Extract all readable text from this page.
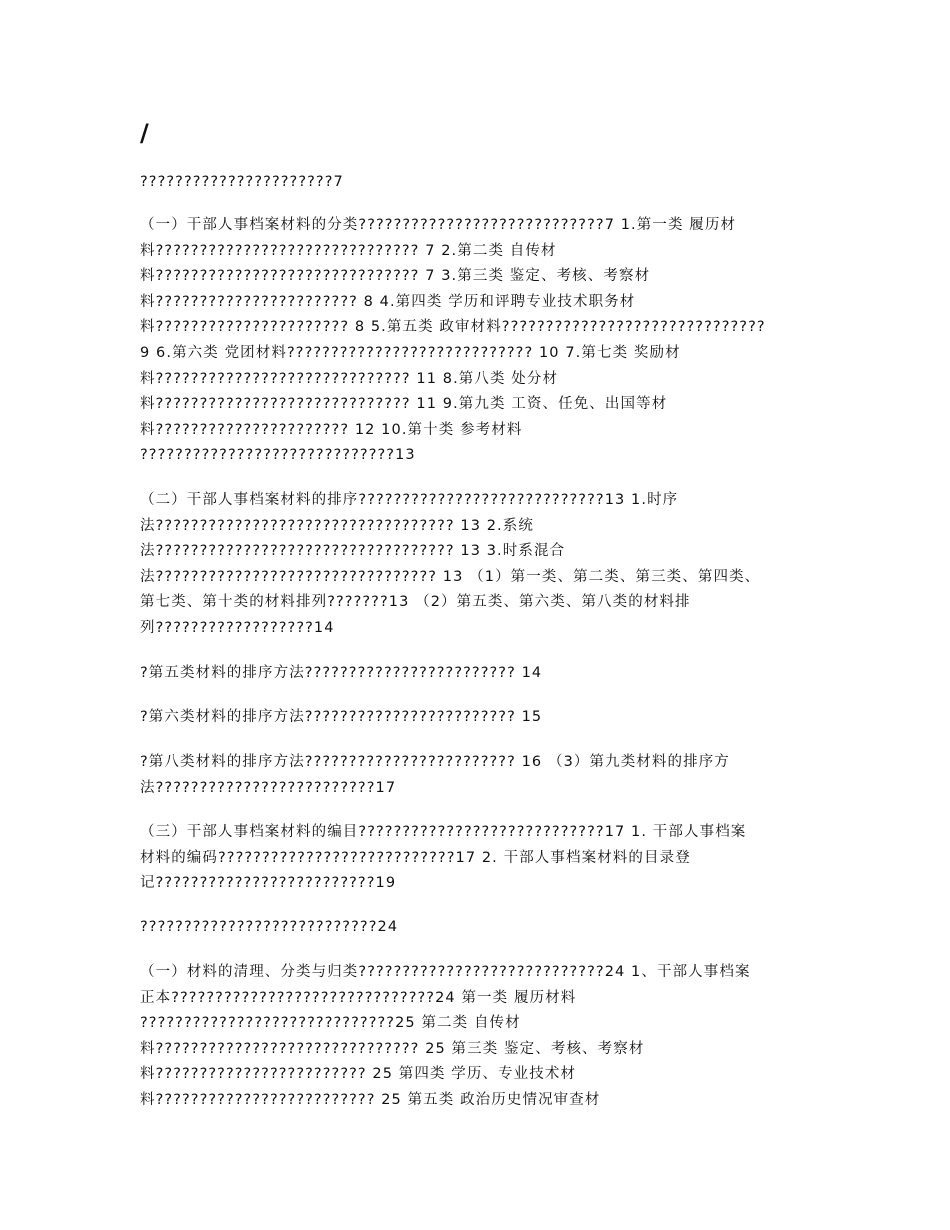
/
??????????????????????7
（一）干部人事档案材料的分类????????????????????????????7 1.第一类 履历材
料?????????????????????????????? 7 2.第二类 自传材
料?????????????????????????????? 7 3.第三类 鉴定、考核、考察材
料??????????????????????? 8 4.第四类 学历和评聘专业技术职务材
料?????????????????????? 8 5.第五类 政审材料??????????????????????????????
9 6.第六类 党团材料???????????????????????????? 10 7.第七类 奖励材
料????????????????????????????? 11 8.第八类 处分材
料????????????????????????????? 11 9.第九类 工资、任免、出国等材
料?????????????????????? 12 10.第十类 参考材料
?????????????????????????????13
（二）干部人事档案材料的排序????????????????????????????13 1.时序
法?????????????????????????????????? 13 2.系统
法?????????????????????????????????? 13 3.时系混合
法???????????????????????????????? 13 （1）第一类、第二类、第三类、第四类、
第七类、第十类的材料排列???????13 （2）第五类、第六类、第八类的材料排
列??????????????????14
?第五类材料的排序方法???????????????????????? 14
?第六类材料的排序方法???????????????????????? 15
?第八类材料的排序方法???????????????????????? 16 （3）第九类材料的排序方
法?????????????????????????17
（三）干部人事档案材料的编目????????????????????????????17 1. 干部人事档案
材料的编码???????????????????????????17 2. 干部人事档案材料的目录登
记?????????????????????????19
???????????????????????????24
（一）材料的清理、分类与归类????????????????????????????24 1、干部人事档案
正本??????????????????????????????24 第一类 履历材料
?????????????????????????????25 第二类 自传材
料?????????????????????????????? 25 第三类 鉴定、考核、考察材
料???????????????????????? 25 第四类 学历、专业技术材
料????????????????????????? 25 第五类 政治历史情况审查材
